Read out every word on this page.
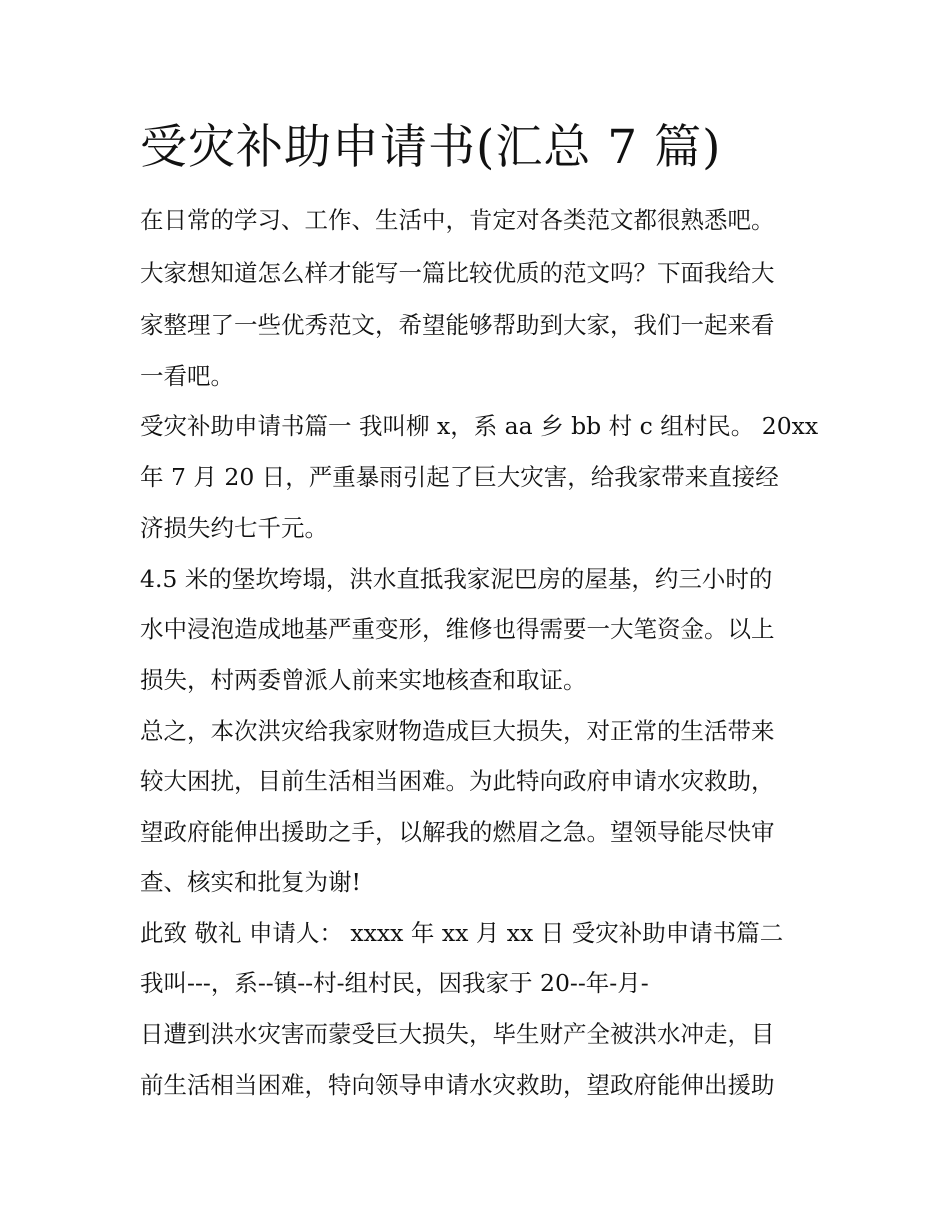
受灾补助申请书(汇总 7 篇)

在日常的学习、工作、生活中，肯定对各类范文都很熟悉吧。

大家想知道怎么样才能写一篇比较优质的范文吗？下面我给大

家整理了一些优秀范文，希望能够帮助到大家，我们一起来看

一看吧。

受灾补助申请书篇一 我叫柳 x，系 aa 乡 bb 村 c 组村民。 20xx

年 7 月 20 日，严重暴雨引起了巨大灾害，给我家带来直接经

济损失约七千元。

4.5 米的堡坎垮塌，洪水直抵我家泥巴房的屋基，约三小时的

水中浸泡造成地基严重变形，维修也得需要一大笔资金。以上

损失，村两委曾派人前来实地核查和取证。

总之，本次洪灾给我家财物造成巨大损失，对正常的生活带来

较大困扰，目前生活相当困难。为此特向政府申请水灾救助，

望政府能伸出援助之手，以解我的燃眉之急。望领导能尽快审

查、核实和批复为谢!

此致 敬礼 申请人： xxxx 年 xx 月 xx 日 受灾补助申请书篇二

我叫---，系--镇--村-组村民，因我家于 20--年-月-

日遭到洪水灾害而蒙受巨大损失，毕生财产全被洪水冲走，目

前生活相当困难，特向领导申请水灾救助，望政府能伸出援助
